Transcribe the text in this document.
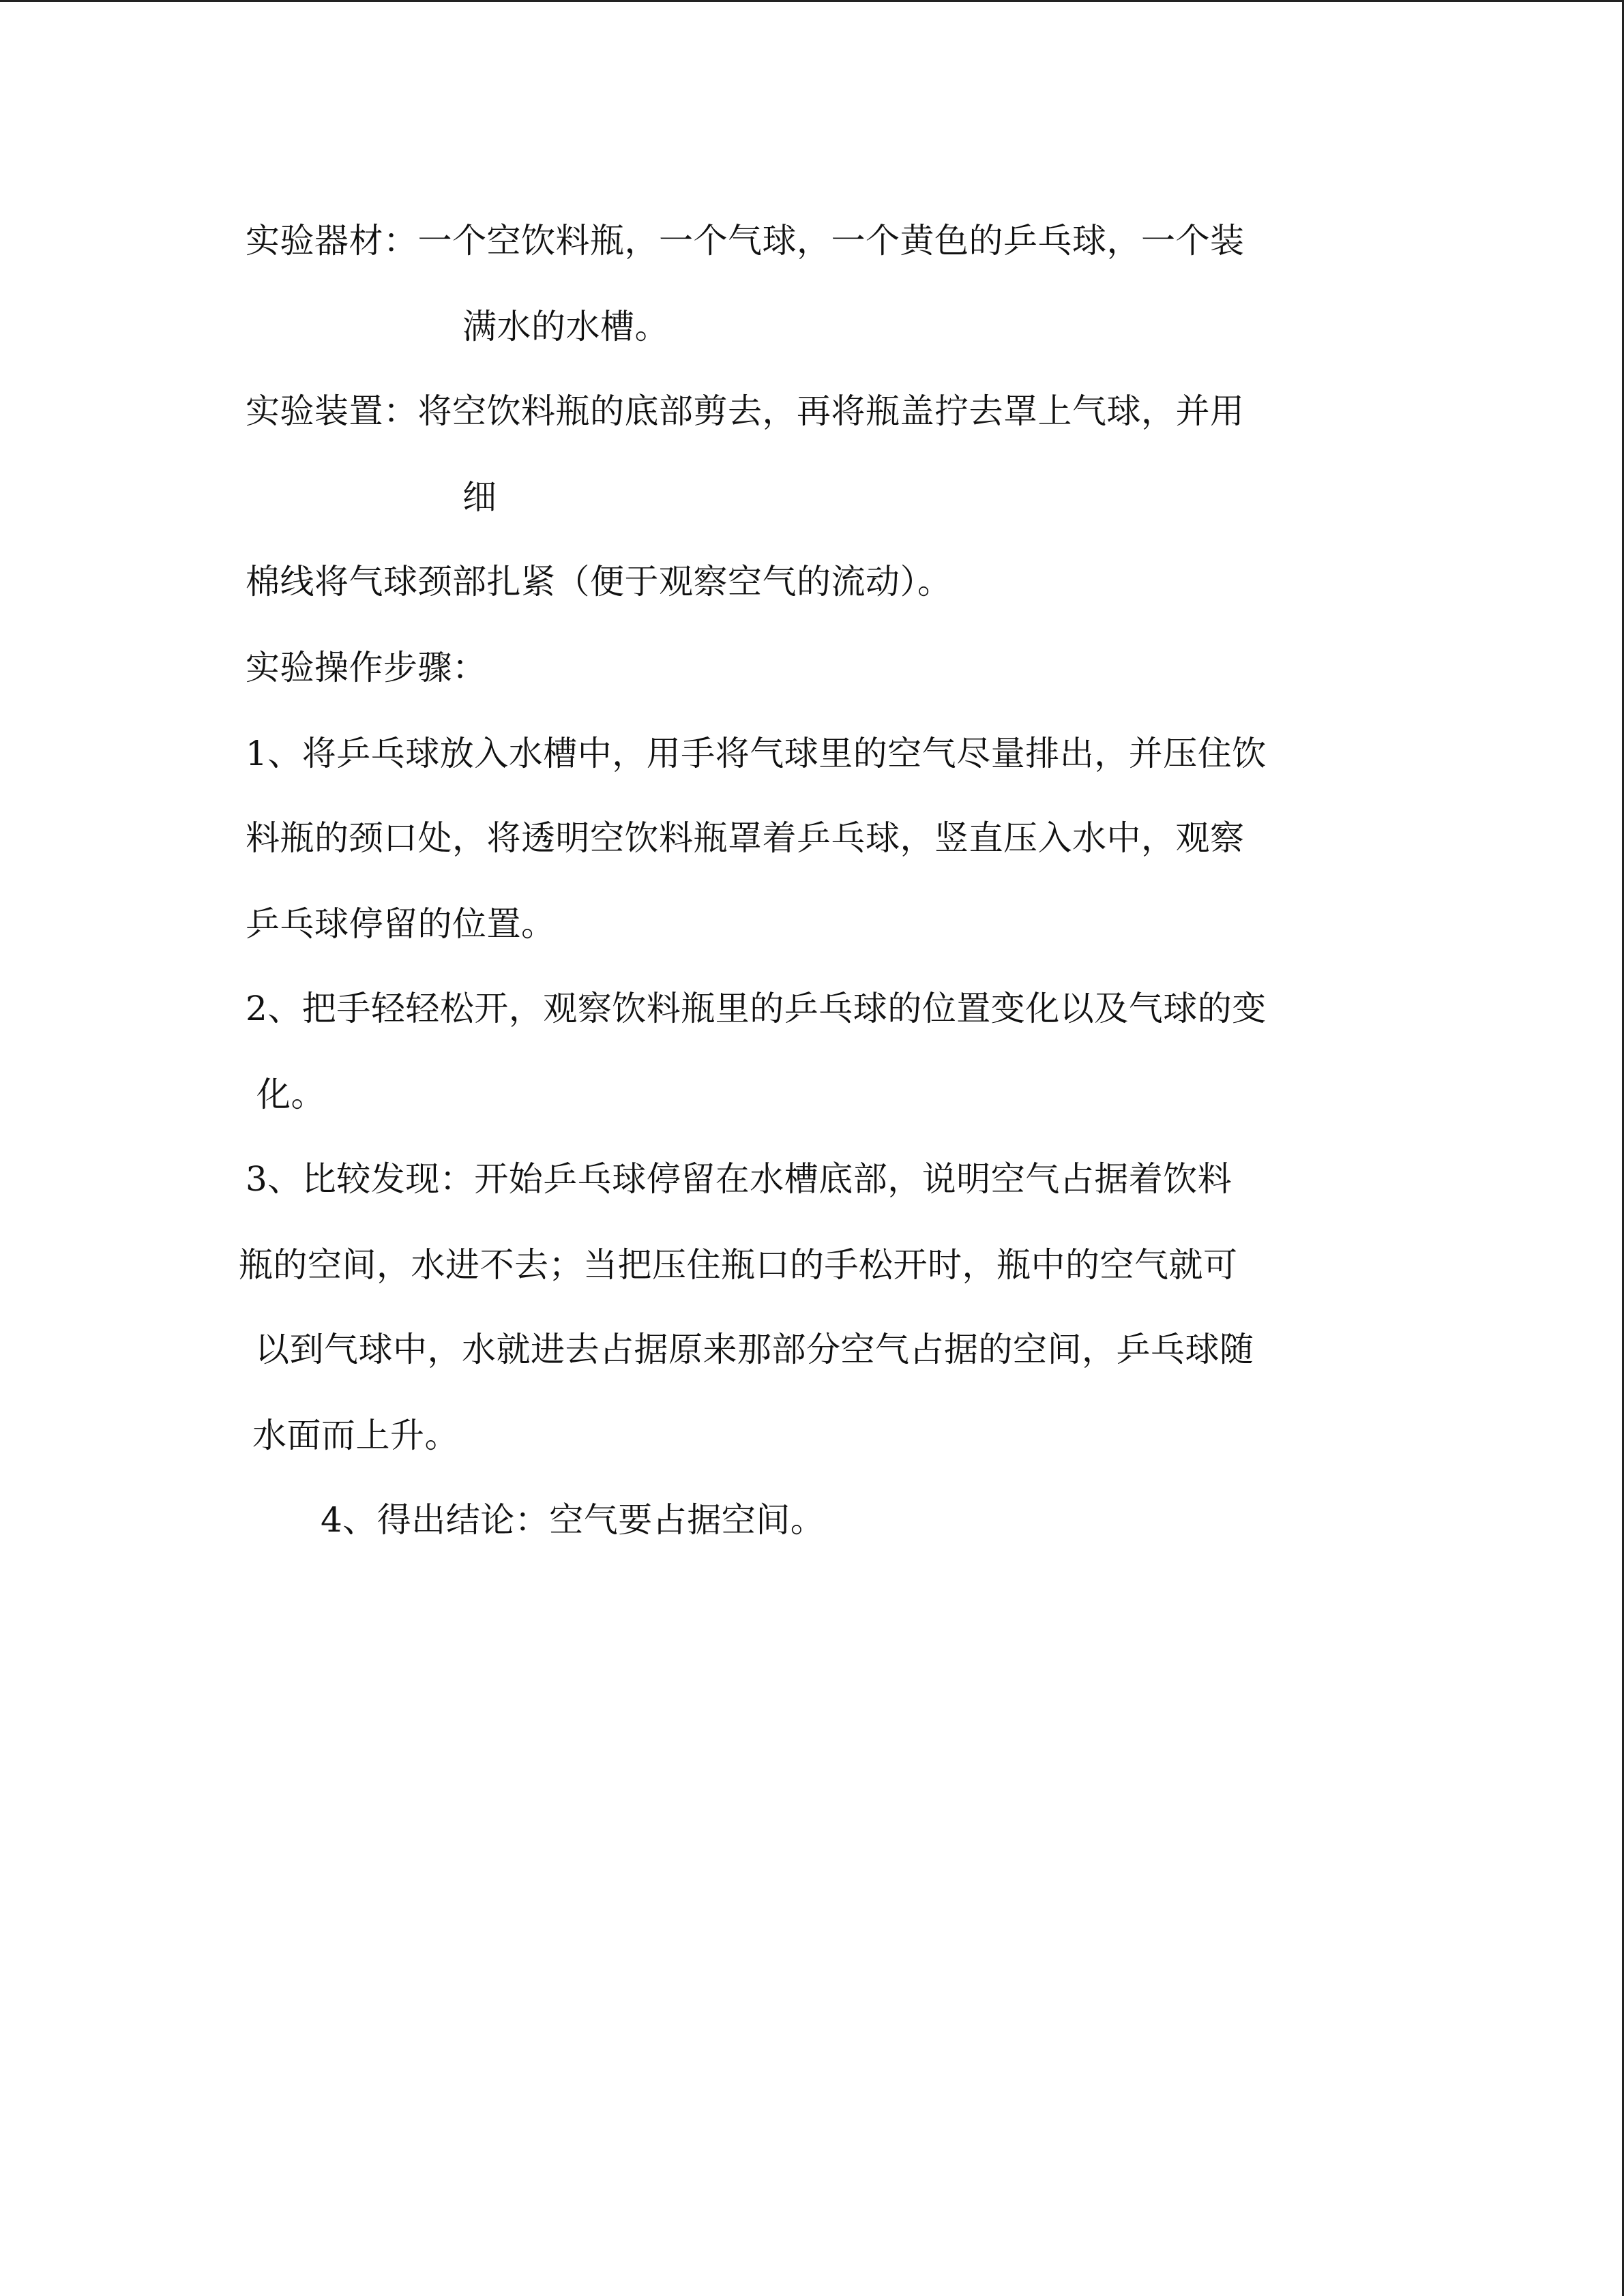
实验器材：一个空饮料瓶，一个气球，一个黄色的乒乓球，一个装
满水的水槽。
实验装置：将空饮料瓶的底部剪去，再将瓶盖拧去罩上气球，并用
细
棉线将气球颈部扎紧（便于观察空气的流动）。
实验操作步骤：
1、将乒乓球放入水槽中，用手将气球里的空气尽量排出，并压住饮
料瓶的颈口处，将透明空饮料瓶罩着乒乓球，竖直压入水中，观察
乒乓球停留的位置。
2、把手轻轻松开，观察饮料瓶里的乒乓球的位置变化以及气球的变
化。
3、比较发现：开始乒乓球停留在水槽底部，说明空气占据着饮料
瓶的空间，水进不去；当把压住瓶口的手松开时，瓶中的空气就可
以到气球中，水就进去占据原来那部分空气占据的空间，乒乓球随
水面而上升。
4、得出结论：空气要占据空间。
